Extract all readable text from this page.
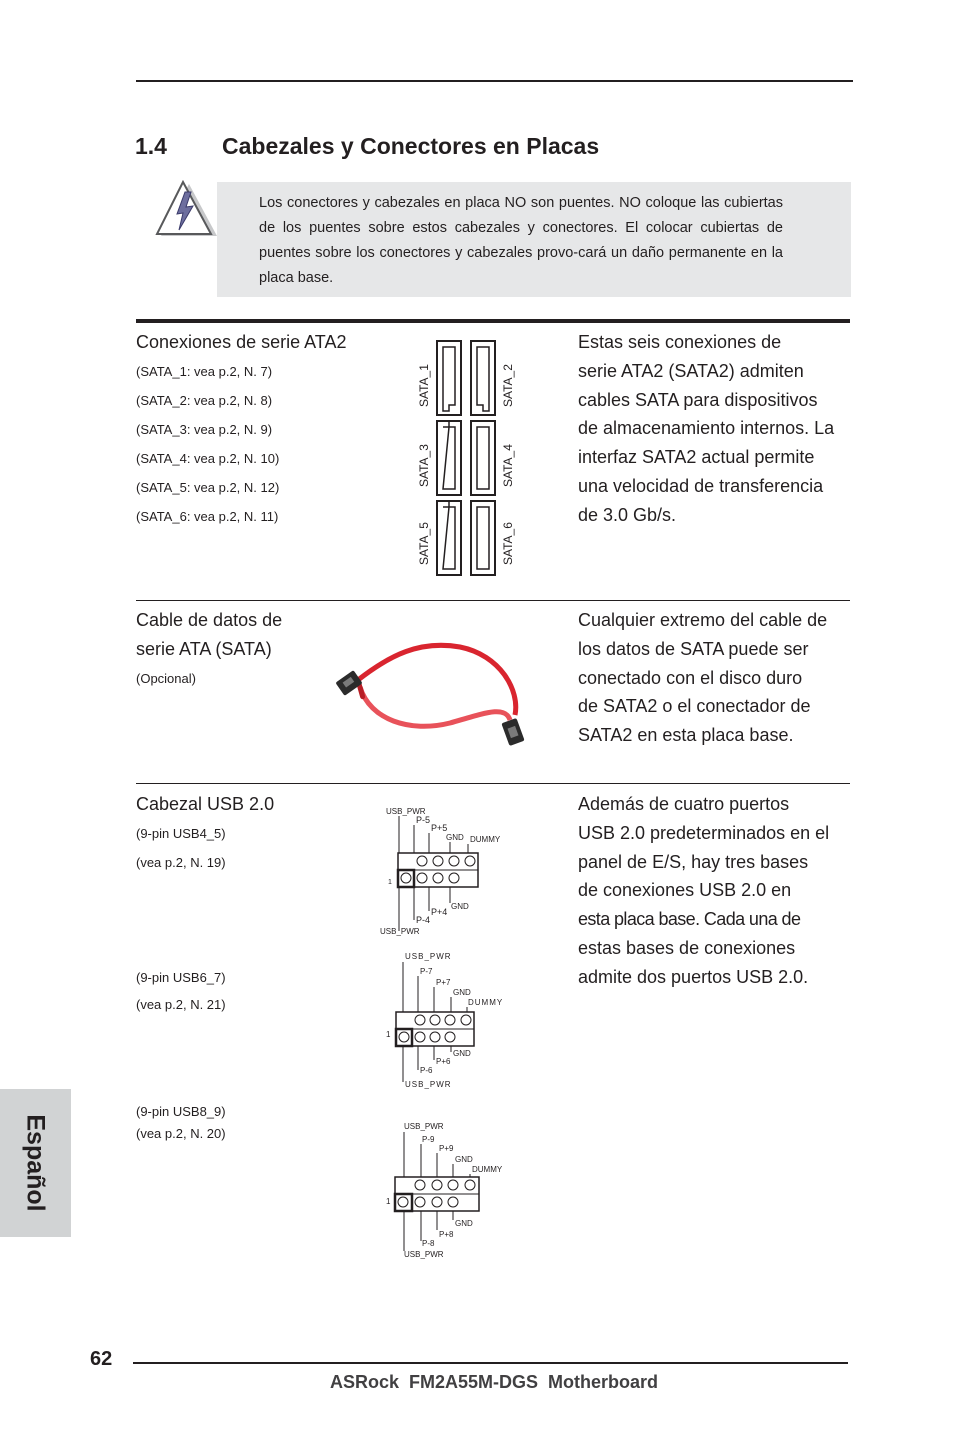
1.4 Cabezales y Conectores en Placas
Los conectores y cabezales en placa NO son puentes. NO coloque las cubiertas de los puentes sobre estos cabezales y conectores. El colocar cubiertas de puentes sobre los conectores y cabezales provo-cará un daño permanente en la placa base.
Conexiones de serie ATA2
(SATA_1: vea p.2, N. 7)
(SATA_2: vea p.2, N. 8)
(SATA_3: vea p.2, N. 9)
(SATA_4: vea p.2, N. 10)
(SATA_5: vea p.2, N. 12)
(SATA_6: vea p.2, N. 11)
SATA_1	SATA_2
SATA_3	SATA_4
SATA_5	SATA_6
Estas seis conexiones de
serie ATA2 (SATA2) admiten
cables SATA para dispositivos
de almacenamiento internos. La
interfaz SATA2 actual permite
una velocidad de transferencia
de 3.0 Gb/s.
Cable de datos de
serie ATA (SATA)
(Opcional)
Cualquier extremo del cable de
los datos de SATA puede ser
conectado con el disco duro
de SATA2 o el conectador de
SATA2 en esta placa base.
Cabezal USB 2.0
(9-pin USB4_5)
(vea p.2, N. 19)
(9-pin USB6_7)
(vea p.2, N. 21)
(9-pin USB8_9)
(vea p.2, N. 20)
USB_PWR
P-5
P+5
GND DUMMY
1
GND
P+4
P-4
USB_PWR
USB_PWR
P-7
P+7
GND
DUMMY
1
GND
P+6
P-6
USB_PWR
USB_PWR
P-9
P+9
GND
DUMMY
1
GND
P+8
P-8
USB_PWR
Además de cuatro puertos
USB 2.0 predeterminados en el
panel de E/S, hay tres bases
de conexiones USB 2.0 en
esta placa base. Cada una de
estas bases de conexiones
admite dos puertos USB 2.0.
Español
62
ASRock  FM2A55M-DGS  Motherboard
